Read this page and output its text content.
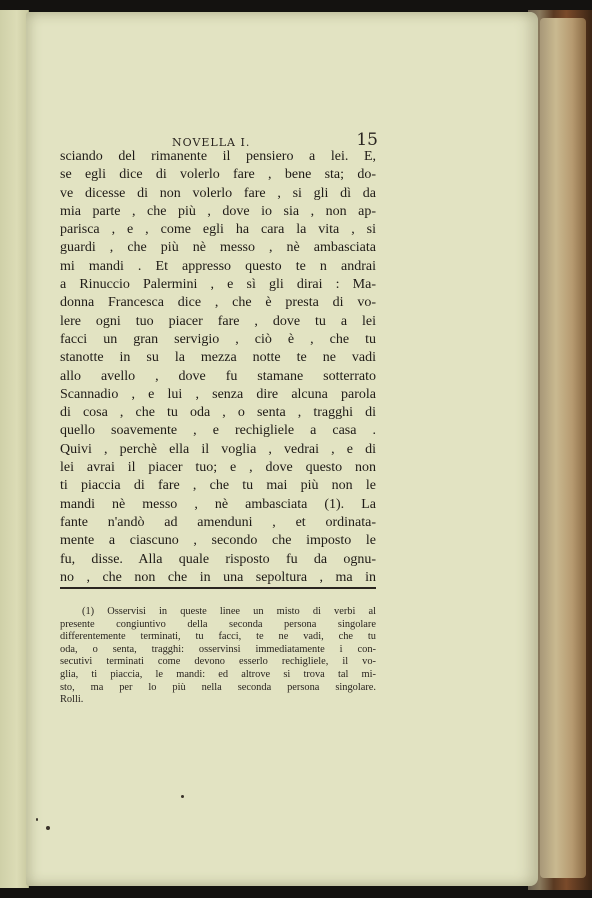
NOVELLA I.	15
sciando del rimanente il pensiero a lei. E,
se egli dice di volerlo fare , bene sta; do-
ve dicesse di non volerlo fare , si gli dì da
mia parte , che più , dove io sia , non ap-
parisca , e , come egli ha cara la vita , si
guardi , che più nè messo , nè ambasciata
mi mandi . Et appresso questo te n andrai
a Rinuccio Palermini , e sì gli dirai : Ma-
donna Francesca dice , che è presta di vo-
lere ogni tuo piacer fare , dove tu a lei
facci un gran servigio , ciò è , che tu
stanotte in su la mezza notte te ne vadi
allo avello , dove fu stamane sotterrato
Scannadio , e lui , senza dire alcuna parola
di cosa , che tu oda , o senta , tragghi di
quello soavemente , e rechigliele a casa .
Quivi , perchè ella il voglia , vedrai , e di
lei avrai il piacer tuo; e , dove questo non
ti piaccia di fare , che tu mai più non le
mandi nè messo , nè ambasciata (1). La
fante n'andò ad amenduni , et ordinata-
mente a ciascuno , secondo che imposto le
fu, disse. Alla quale risposto fu da ognu-
no , che non che in una sepoltura , ma in
(1) Osservisi in queste linee un misto di verbi al
presente congiuntivo della seconda persona singolare
differentemente terminati, tu facci, te ne vadi, che tu
oda, o senta, tragghi: osservinsi immediatamente i con-
secutivi terminati come devono esserlo rechigliele, il vo-
glia, ti piaccia, le mandi: ed altrove si trova tal mi-
sto, ma per lo più nella seconda persona singolare.
Rolli.
